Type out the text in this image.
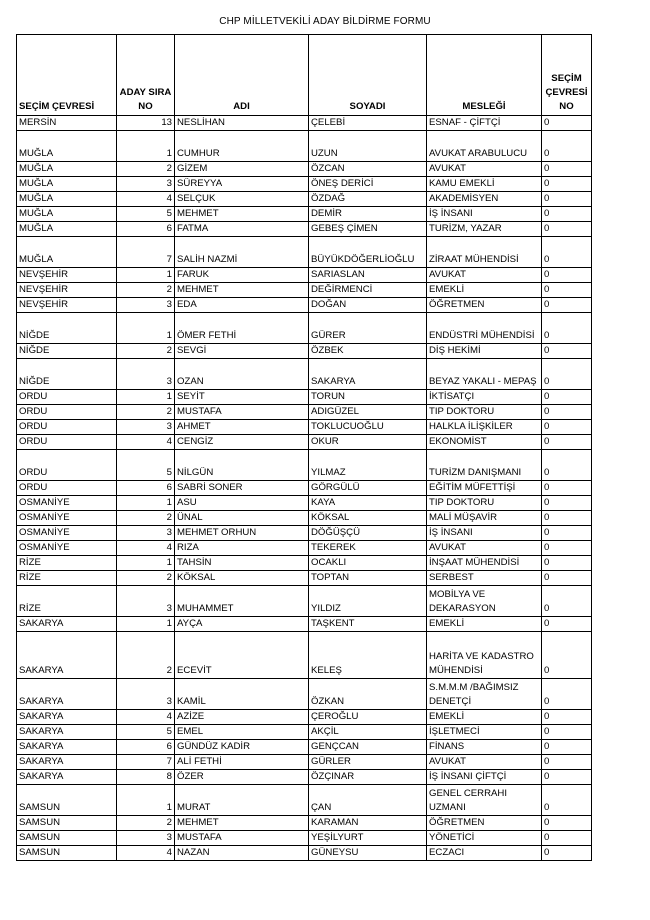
CHP MİLLETVEKİLİ ADAY BİLDİRME FORMU
SEÇİM ÇEVRESİ	ADAY SIRA NO	ADI	SOYADI	MESLEĞİ	SEÇİM ÇEVRESİ NO
MERSİN	13	NESLİHAN	ÇELEBİ	ESNAF - ÇİFTÇİ	0
MUĞLA	1	CUMHUR	UZUN	AVUKAT ARABULUCU	0
MUĞLA	2	GİZEM	ÖZCAN	AVUKAT	0
MUĞLA	3	SÜREYYA	ÖNEŞ DERİCİ	KAMU EMEKLİ	0
MUĞLA	4	SELÇUK	ÖZDAĞ	AKADEMİSYEN	0
MUĞLA	5	MEHMET	DEMİR	İŞ İNSANI	0
MUĞLA	6	FATMA	GEBEŞ ÇİMEN	TURİZM, YAZAR	0
MUĞLA	7	SALİH NAZMİ	BÜYÜKDÖĞERLİOĞLU	ZİRAAT MÜHENDİSİ	0
NEVŞEHİR	1	FARUK	SARIASLAN	AVUKAT	0
NEVŞEHİR	2	MEHMET	DEĞİRMENCİ	EMEKLİ	0
NEVŞEHİR	3	EDA	DOĞAN	ÖĞRETMEN	0
NİĞDE	1	ÖMER FETHİ	GÜRER	ENDÜSTRİ MÜHENDİSİ	0
NİĞDE	2	SEVGİ	ÖZBEK	DİŞ HEKİMİ	0
NİĞDE	3	OZAN	SAKARYA	BEYAZ YAKALI - MEPAŞ	0
ORDU	1	SEYİT	TORUN	İKTİSATÇI	0
ORDU	2	MUSTAFA	ADIGÜZEL	TIP DOKTORU	0
ORDU	3	AHMET	TOKLUCUOĞLU	HALKLA İLİŞKİLER	0
ORDU	4	CENGİZ	OKUR	EKONOMİST	0
ORDU	5	NİLGÜN	YILMAZ	TURİZM DANIŞMANI	0
ORDU	6	SABRİ SONER	GÖRGÜLÜ	EĞİTİM MÜFETTİŞİ	0
OSMANİYE	1	ASU	KAYA	TIP DOKTORU	0
OSMANİYE	2	ÜNAL	KÖKSAL	MALİ MÜŞAVİR	0
OSMANİYE	3	MEHMET ORHUN	DÖĞÜŞÇÜ	İŞ İNSANI	0
OSMANİYE	4	RIZA	TEKEREK	AVUKAT	0
RİZE	1	TAHSİN	OCAKLI	İNŞAAT MÜHENDİSİ	0
RİZE	2	KÖKSAL	TOPTAN	SERBEST	0
RİZE	3	MUHAMMET	YILDIZ	MOBİLYA VE DEKARASYON	0
SAKARYA	1	AYÇA	TAŞKENT	EMEKLİ	0
SAKARYA	2	ECEVİT	KELEŞ	HARİTA VE KADASTRO MÜHENDİSİ	0
SAKARYA	3	KAMİL	ÖZKAN	S.M.M.M /BAĞIMSIZ DENETÇİ	0
SAKARYA	4	AZİZE	ÇEROĞLU	EMEKLİ	0
SAKARYA	5	EMEL	AKÇİL	İŞLETMECİ	0
SAKARYA	6	GÜNDÜZ KADİR	GENÇCAN	FİNANS	0
SAKARYA	7	ALİ FETHİ	GÜRLER	AVUKAT	0
SAKARYA	8	ÖZER	ÖZÇINAR	İŞ İNSANI ÇİFTÇİ	0
SAMSUN	1	MURAT	ÇAN	GENEL CERRAHI UZMANI	0
SAMSUN	2	MEHMET	KARAMAN	ÖĞRETMEN	0
SAMSUN	3	MUSTAFA	YEŞİLYURT	YÖNETİCİ	0
SAMSUN	4	NAZAN	GÜNEYSU	ECZACI	0
